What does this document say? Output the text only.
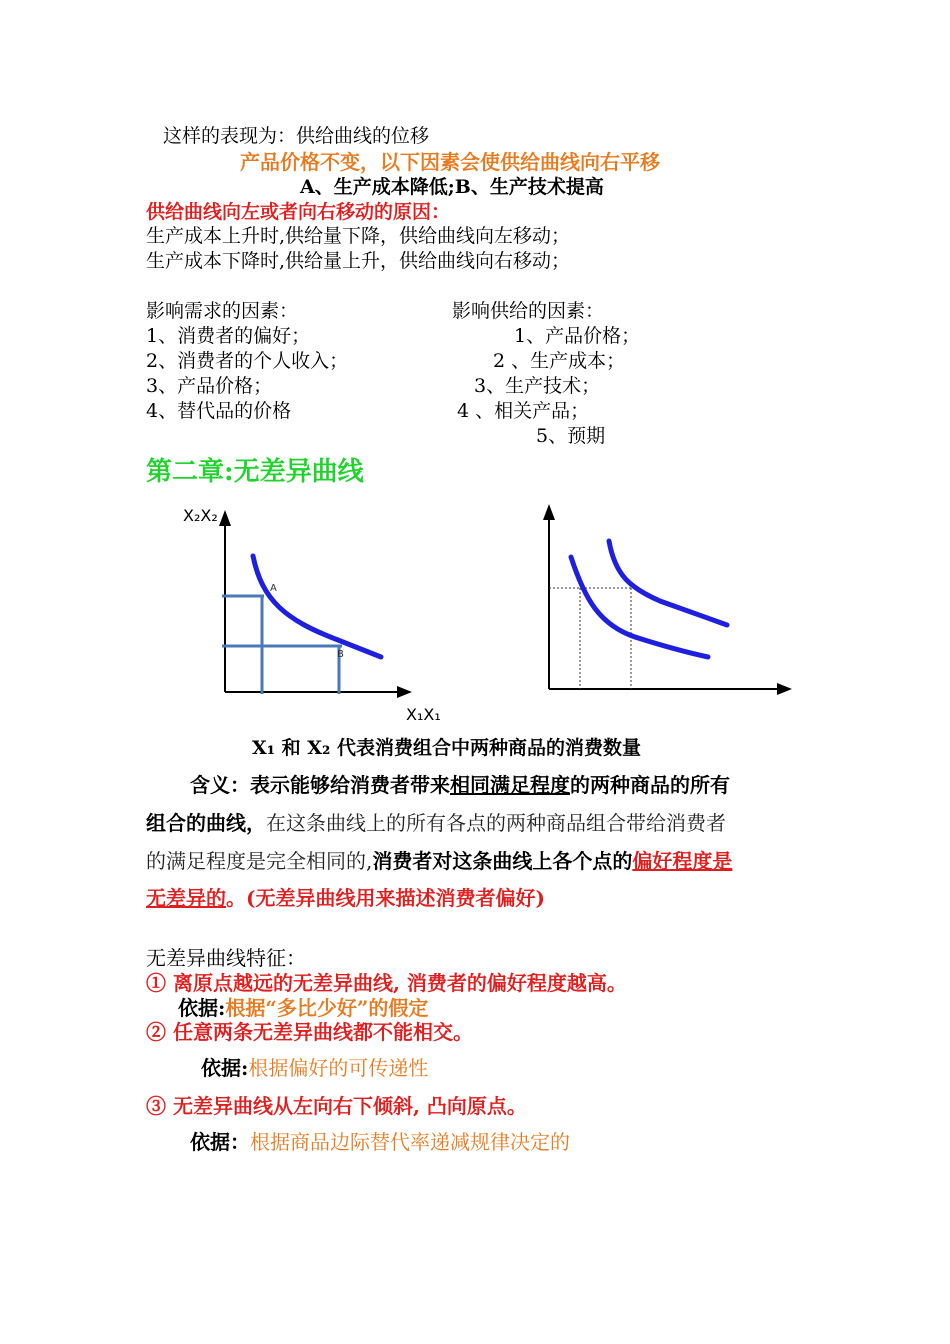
这样的表现为：供给曲线的位移
产品价格不变，以下因素会使供给曲线向右平移
A、生产成本降低;B、生产技术提高
供给曲线向左或者向右移动的原因：
生产成本上升时,供给量下降，供给曲线向左移动；
生产成本下降时,供给量上升，供给曲线向右移动；
影响需求的因素：
1、消费者的偏好；
2、消费者的个人收入；
3、产品价格；
4、替代品的价格
影响供给的因素：
1、产品价格；
2 、生产成本；
3、生产技术；
4 、相关产品；
5、预期
第二章:无差异曲线
X₂X₂
A
B
X₁X₁
X₁ 和 X₂ 代表消费组合中两种商品的消费数量
含义：表示能够给消费者带来相同满足程度的两种商品的所有
组合的曲线，在这条曲线上的所有各点的两种商品组合带给消费者
的满足程度是完全相同的,消费者对这条曲线上各个点的偏好程度是
无差异的。(无差异曲线用来描述消费者偏好)
无差异曲线特征：
① 离原点越远的无差异曲线, 消费者的偏好程度越高。
依据:根据“多比少好”的假定
② 任意两条无差异曲线都不能相交。
依据:根据偏好的可传递性
③ 无差异曲线从左向右下倾斜, 凸向原点。
依据：根据商品边际替代率递减规律决定的
